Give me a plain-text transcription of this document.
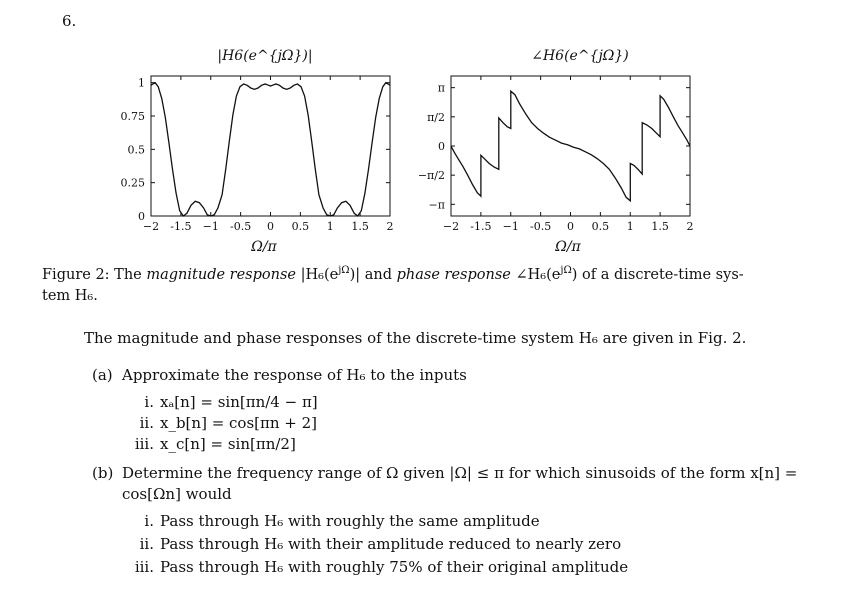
6.
|H6(e^{jΩ})|	∠H6(e^{jΩ})
−2 -1.5 −1 -0.5 0 0.5 1 1.5 2
0
0.25
0.5
0.75
1
−2 -1.5 −1 -0.5 0 0.5 1 1.5 2
−π
−π/2
0
π/2
π
Ω/π	Ω/π
Figure 2: The magnitude response $|H_6(e^{j\Omega})|$ and phase response $\angle H_6(e^{j\Omega})$ of a discrete-time sys-
tem H₆.
The magnitude and phase responses of the discrete-time system H₆ are given in Fig. 2.
(a) Approximate the response of H₆ to the inputs
i. xₐ[n] = sin[πn/4 − π]
ii. x_b[n] = cos[πn + 2]
iii. x_c[n] = sin[πn/2]
(b) Determine the frequency range of Ω given |Ω| ≤ π for which sinusoids of the form x[n] =
cos[Ωn] would
i. Pass through H₆ with roughly the same amplitude
ii. Pass through H₆ with their amplitude reduced to nearly zero
iii. Pass through H₆ with roughly 75% of their original amplitude
